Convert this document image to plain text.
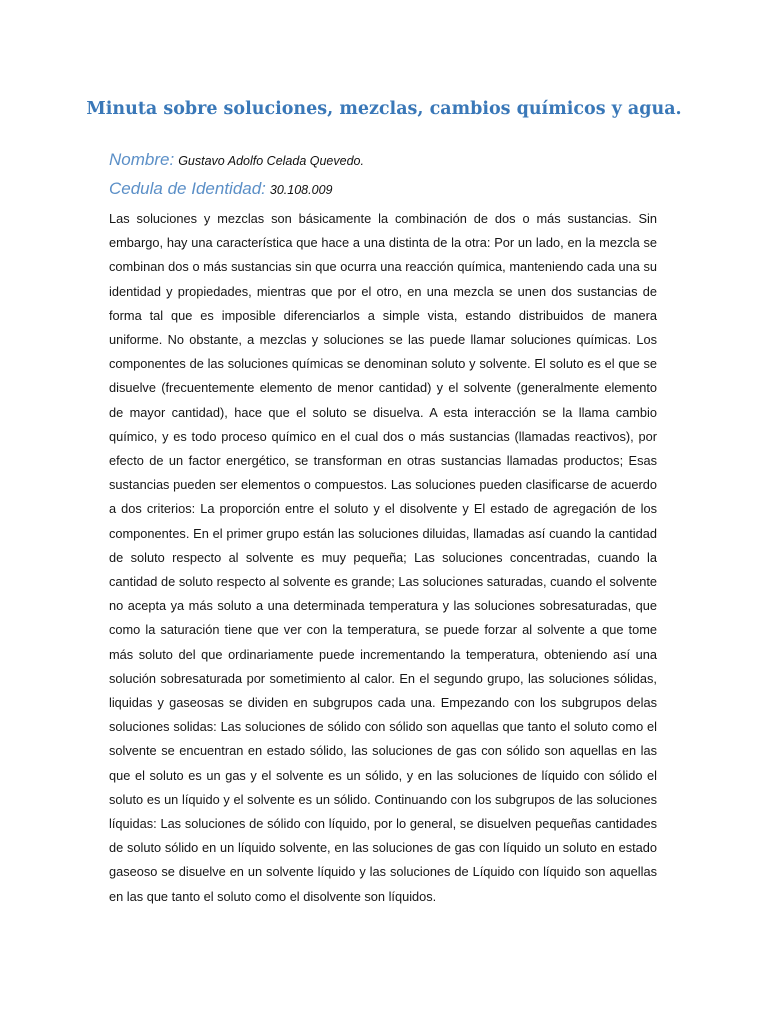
Minuta sobre soluciones, mezclas, cambios químicos y agua.
Nombre: Gustavo Adolfo Celada Quevedo.
Cedula de Identidad: 30.108.009

Las soluciones y mezclas son básicamente la combinación de dos o más sustancias. Sin embargo, hay una característica que hace a una distinta de la otra: Por un lado, en la mezcla se combinan dos o más sustancias sin que ocurra una reacción química, manteniendo cada una su identidad y propiedades, mientras que por el otro, en una mezcla se unen dos sustancias de forma tal que es imposible diferenciarlos a simple vista, estando distribuidos de manera uniforme. No obstante, a mezclas y soluciones se las puede llamar soluciones químicas. Los componentes de las soluciones químicas se denominan soluto y solvente. El soluto es el que se disuelve (frecuentemente elemento de menor cantidad) y el solvente (generalmente elemento de mayor cantidad), hace que el soluto se disuelva. A esta interacción se la llama cambio químico, y es todo proceso químico en el cual dos o más sustancias (llamadas reactivos), por efecto de un factor energético, se transforman en otras sustancias llamadas productos; Esas sustancias pueden ser elementos o compuestos. Las soluciones pueden clasificarse de acuerdo a dos criterios: La proporción entre el soluto y el disolvente y El estado de agregación de los componentes. En el primer grupo están las soluciones diluidas, llamadas así cuando la cantidad de soluto respecto al solvente es muy pequeña; Las soluciones concentradas, cuando la cantidad de soluto respecto al solvente es grande; Las soluciones saturadas, cuando el solvente no acepta ya más soluto a una determinada temperatura y las soluciones sobresaturadas, que como la saturación tiene que ver con la temperatura, se puede forzar al solvente a que tome más soluto del que ordinariamente puede incrementando la temperatura, obteniendo así una solución sobresaturada por sometimiento al calor. En el segundo grupo, las soluciones sólidas, liquidas y gaseosas se dividen en subgrupos cada una. Empezando con los subgrupos delas soluciones solidas: Las soluciones de sólido con sólido son aquellas que tanto el soluto como el solvente se encuentran en estado sólido, las soluciones de gas con sólido son aquellas en las que el soluto es un gas y el solvente es un sólido, y en las soluciones de líquido con sólido el soluto es un líquido y el solvente es un sólido. Continuando con los subgrupos de las soluciones líquidas: Las soluciones de sólido con líquido, por lo general, se disuelven pequeñas cantidades de soluto sólido en un líquido solvente, en las soluciones de gas con líquido un soluto en estado gaseoso se disuelve en un solvente líquido y las soluciones de Líquido con líquido son aquellas en las que tanto el soluto como el disolvente son líquidos.
